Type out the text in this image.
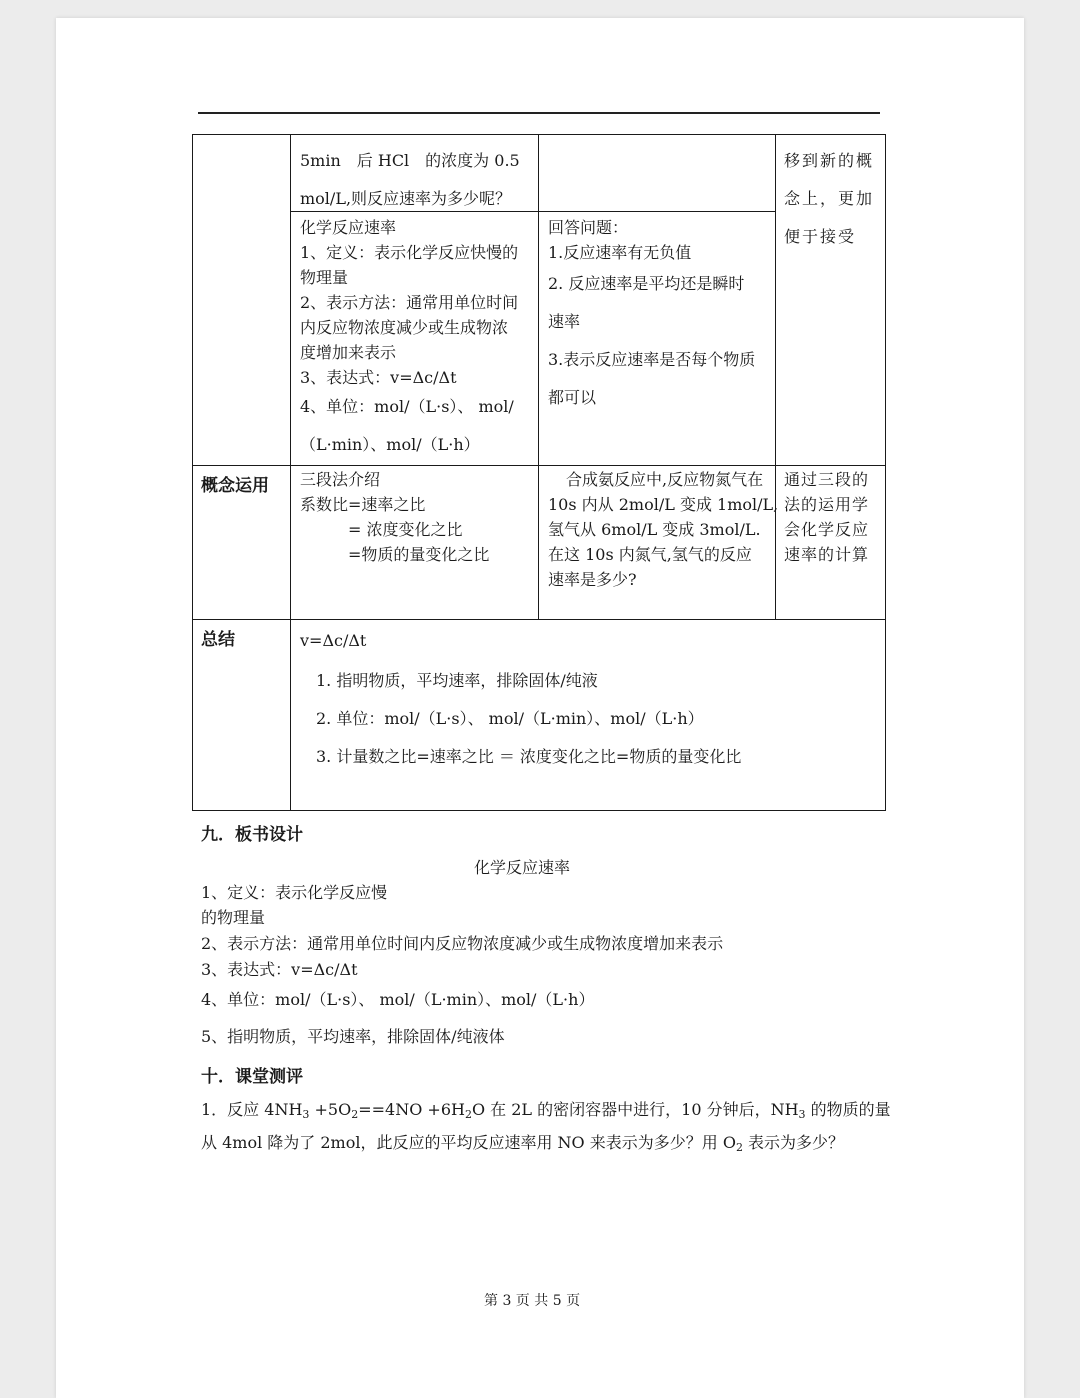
5min　后 HCl　的浓度为 0.5
mol/L,则反应速率为多少呢？
移到新的概
念上，更加
便于接受
化学反应速率
1、定义：表示化学反应快慢的
物理量
2、表示方法：通常用单位时间
内反应物浓度减少或生成物浓
度增加来表示
3、表达式：v=Δc/Δt
4、单位：mol/（L·s）、 mol/
（L·min）、mol/（L·h）
回答问题：
1.反应速率有无负值
2. 反应速率是平均还是瞬时
速率
3.表示反应速率是否每个物质
都可以
概念运用 三段法介绍
系数比=速率之比
= 浓度变化之比
=物质的量变化之比
合成氨反应中,反应物氮气在
10s 内从 2mol/L 变成 1mol/L,
氢气从 6mol/L 变成 3mol/L.
在这 10s 内氮气,氢气的反应
速率是多少?
通过三段的
法的运用学
会化学反应
速率的计算
总结	v=Δc/Δt
1. 指明物质，平均速率，排除固体/纯液
2. 单位：mol/（L·s）、 mol/（L·min）、mol/（L·h）
3. 计量数之比=速率之比 ＝ 浓度变化之比=物质的量变化比
九．板书设计
化学反应速率
1、定义：表示化学反应慢
的物理量
2、表示方法：通常用单位时间内反应物浓度减少或生成物浓度增加来表示
3、表达式：v=Δc/Δt
4、单位：mol/（L·s）、 mol/（L·min）、mol/（L·h）
5、指明物质，平均速率，排除固体/纯液体
十．课堂测评
1．反应 $4NH_3 +5O_2==4NO +6H_2O$ 在 2L 的密闭容器中进行，10 分钟后，$NH_3$ 的物质的量
从 4mol 降为了 2mol，此反应的平均反应速率用 NO 来表示为多少？用 $O_2$ 表示为多少？
第 3 页 共 5 页
